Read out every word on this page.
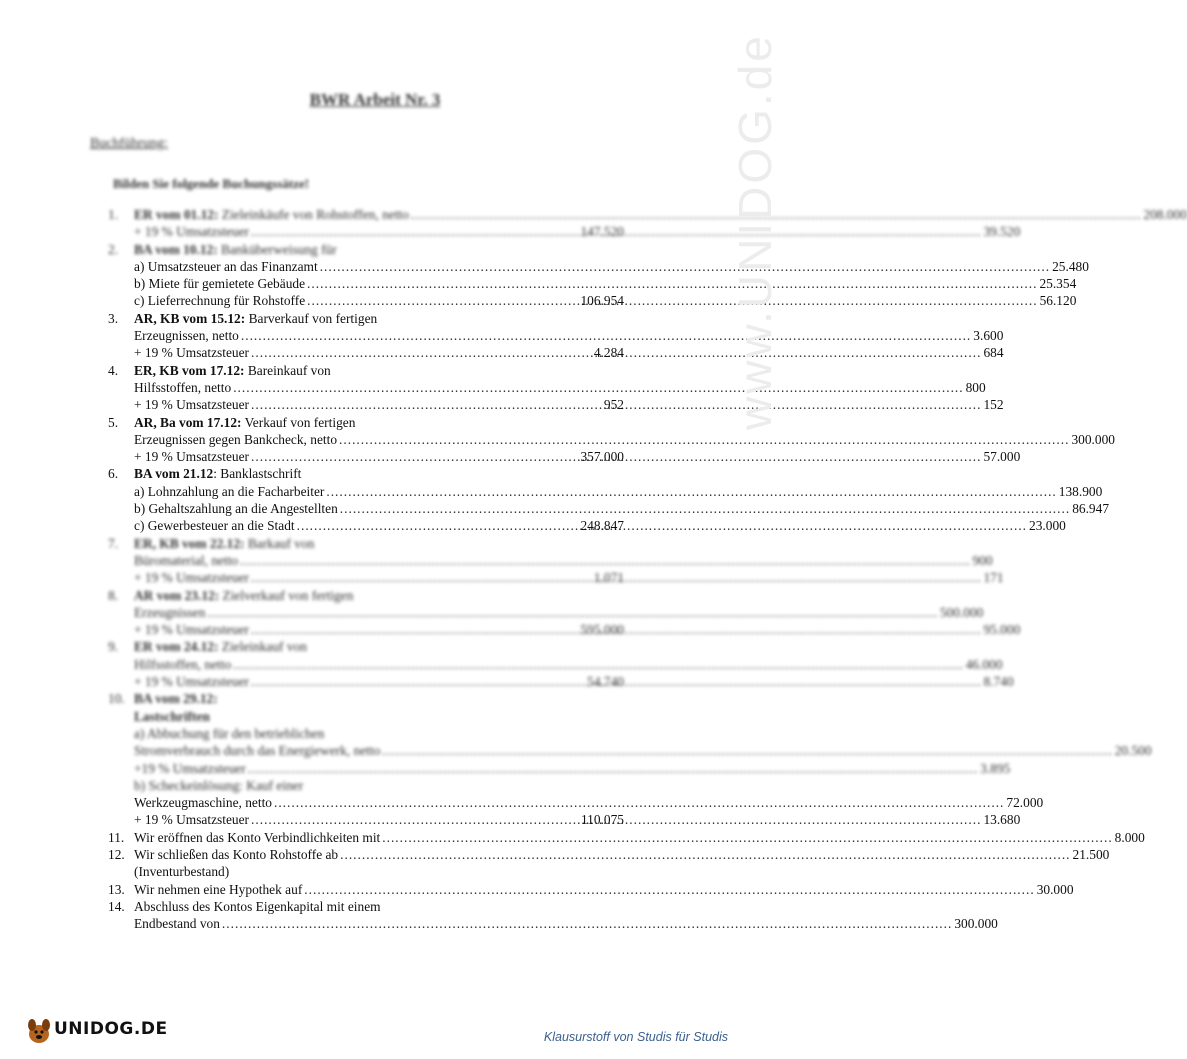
BWR Arbeit Nr. 3
Buchführung:
Bilden Sie folgende Buchungssätze!
1.	ER vom 01.12: Zieleinkäufe von Rohstoffen, netto .....	208.000
+ 19 % Umsatzsteuer .....	39.520
147.520
2.	BA vom 10.12: Banküberweisung für
a) Umsatzsteuer an das Finanzamt .....	25.480
b) Miete für gemietete Gebäude .....	25.354
c) Lieferrechnung für Rohstoffe .....	56.120
106.954
3.	AR, KB vom 15.12: Barverkauf von fertigen
Erzeugnissen, netto .....	3.600
+ 19 % Umsatzsteuer .....	684
4.284
4.	ER, KB vom 17.12: Bareinkauf von
Hilfsstoffen, netto .....	800
+ 19 % Umsatzsteuer .....	152
952
5.	AR, Ba vom 17.12: Verkauf von fertigen
Erzeugnissen gegen Bankcheck, netto .....	300.000
+ 19 % Umsatzsteuer .....	57.000
357.000
6.	BA vom 21.12: Banklastschrift
a) Lohnzahlung an die Facharbeiter .....	138.900
b) Gehaltszahlung an die Angestellten .....	86.947
c) Gewerbesteuer an die Stadt .....	23.000
248.847
7.	ER, KB vom 22.12: Barkauf von
Büromaterial, netto .....	900
+ 19 % Umsatzsteuer .....	171
1.071
8.	AR vom 23.12: Zielverkauf von fertigen
Erzeugnissen .....	500.000
+ 19 % Umsatzsteuer .....	95.000
595.000
9.	ER vom 24.12: Zieleinkauf von
Hilfsstoffen, netto .....	46.000
+ 19 % Umsatzsteuer .....	8.740
54.740
10. BA vom 29.12:
Lastschriften
a) Abbuchung für den betrieblichen
Stromverbrauch durch das Energiewerk, netto .....	20.500
+19 % Umsatzsteuer .....	3.895
b) Scheckeinlösung: Kauf einer
Werkzeugmaschine, netto .....	72.000
+ 19 % Umsatzsteuer .....	13.680
110.075
11. Wir eröffnen das Konto Verbindlichkeiten mit .....	8.000
12. Wir schließen das Konto Rohstoffe ab .....	21.500
(Inventurbestand)
13. Wir nehmen eine Hypothek auf .....	30.000
14. Abschluss des Kontos Eigenkapital mit einem
Endbestand von .....	300.000
www.UNIDOG.de
UNIDOG.DE	Klausurstoff von Studis für Studis
